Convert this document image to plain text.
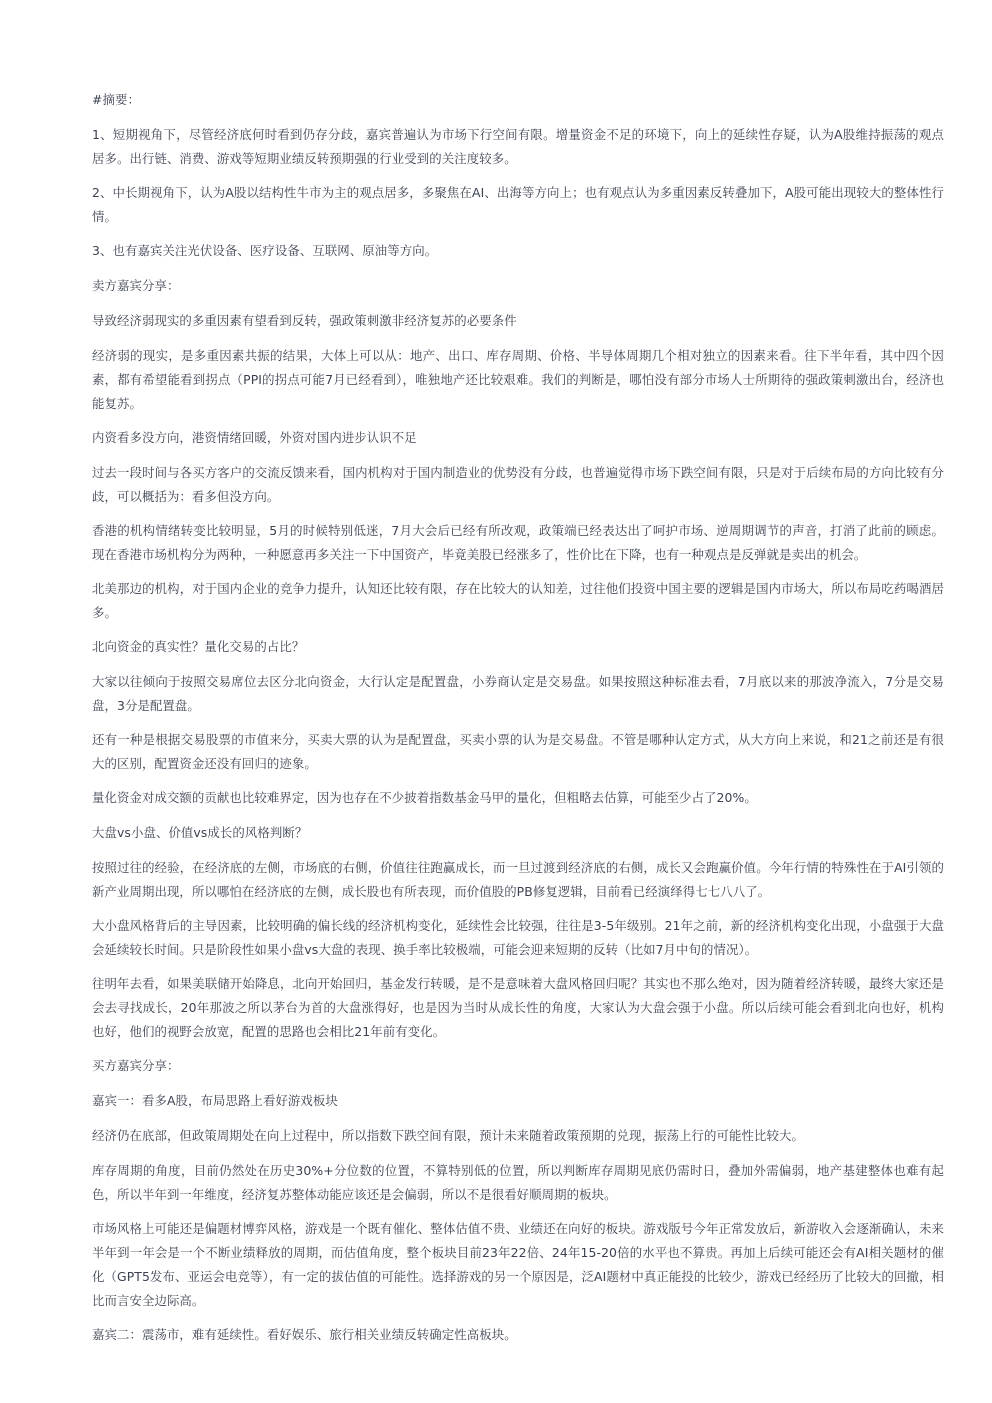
#摘要：

1、短期视角下，尽管经济底何时看到仍存分歧，嘉宾普遍认为市场下行空间有限。增量资金不足的环境下，向上的延续性存疑，认为A股维持振荡的观点居多。出行链、消费、游戏等短期业绩反转预期强的行业受到的关注度较多。

2、中长期视角下，认为A股以结构性牛市为主的观点居多，多聚焦在AI、出海等方向上；也有观点认为多重因素反转叠加下，A股可能出现较大的整体性行情。

3、也有嘉宾关注光伏设备、医疗设备、互联网、原油等方向。

卖方嘉宾分享：

导致经济弱现实的多重因素有望看到反转，强政策刺激非经济复苏的必要条件

经济弱的现实，是多重因素共振的结果，大体上可以从：地产、出口、库存周期、价格、半导体周期几个相对独立的因素来看。往下半年看，其中四个因素，都有希望能看到拐点（PPI的拐点可能7月已经看到），唯独地产还比较艰难。我们的判断是，哪怕没有部分市场人士所期待的强政策刺激出台，经济也能复苏。

内资看多没方向，港资情绪回暖，外资对国内进步认识不足

过去一段时间与各买方客户的交流反馈来看，国内机构对于国内制造业的优势没有分歧，也普遍觉得市场下跌空间有限，只是对于后续布局的方向比较有分歧，可以概括为：看多但没方向。

香港的机构情绪转变比较明显，5月的时候特别低迷，7月大会后已经有所改观，政策端已经表达出了呵护市场、逆周期调节的声音，打消了此前的顾虑。现在香港市场机构分为两种，一种愿意再多关注一下中国资产，毕竟美股已经涨多了，性价比在下降，也有一种观点是反弹就是卖出的机会。

北美那边的机构，对于国内企业的竞争力提升，认知还比较有限，存在比较大的认知差，过往他们投资中国主要的逻辑是国内市场大，所以布局吃药喝酒居多。

北向资金的真实性？量化交易的占比？

大家以往倾向于按照交易席位去区分北向资金，大行认定是配置盘，小券商认定是交易盘。如果按照这种标准去看，7月底以来的那波净流入，7分是交易盘，3分是配置盘。

还有一种是根据交易股票的市值来分，买卖大票的认为是配置盘，买卖小票的认为是交易盘。不管是哪种认定方式，从大方向上来说，和21之前还是有很大的区别，配置资金还没有回归的迹象。

量化资金对成交额的贡献也比较难界定，因为也存在不少披着指数基金马甲的量化，但粗略去估算，可能至少占了20%。

大盘vs小盘、价值vs成长的风格判断？

按照过往的经验，在经济底的左侧，市场底的右侧，价值往往跑赢成长，而一旦过渡到经济底的右侧，成长又会跑赢价值。今年行情的特殊性在于AI引领的新产业周期出现，所以哪怕在经济底的左侧，成长股也有所表现，而价值股的PB修复逻辑，目前看已经演绎得七七八八了。

大小盘风格背后的主导因素，比较明确的偏长线的经济机构变化，延续性会比较强，往往是3-5年级别。21年之前，新的经济机构变化出现，小盘强于大盘会延续较长时间。只是阶段性如果小盘vs大盘的表现、换手率比较极端，可能会迎来短期的反转（比如7月中旬的情况）。

往明年去看，如果美联储开始降息，北向开始回归，基金发行转暖，是不是意味着大盘风格回归呢？其实也不那么绝对，因为随着经济转暖，最终大家还是会去寻找成长，20年那波之所以茅台为首的大盘涨得好，也是因为当时从成长性的角度，大家认为大盘会强于小盘。所以后续可能会看到北向也好，机构也好，他们的视野会放宽，配置的思路也会相比21年前有变化。

买方嘉宾分享：

嘉宾一：看多A股，布局思路上看好游戏板块

经济仍在底部，但政策周期处在向上过程中，所以指数下跌空间有限，预计未来随着政策预期的兑现，振荡上行的可能性比较大。

库存周期的角度，目前仍然处在历史30%+分位数的位置，不算特别低的位置，所以判断库存周期见底仍需时日，叠加外需偏弱，地产基建整体也难有起色，所以半年到一年维度，经济复苏整体动能应该还是会偏弱，所以不是很看好顺周期的板块。

市场风格上可能还是偏题材博弈风格，游戏是一个既有催化、整体估值不贵、业绩还在向好的板块。游戏版号今年正常发放后，新游收入会逐渐确认，未来半年到一年会是一个不断业绩释放的周期，而估值角度，整个板块目前23年22倍、24年15-20倍的水平也不算贵。再加上后续可能还会有AI相关题材的催化（GPT5发布、亚运会电竞等），有一定的拔估值的可能性。选择游戏的另一个原因是，泛AI题材中真正能投的比较少，游戏已经经历了比较大的回撤，相比而言安全边际高。

嘉宾二：震荡市，难有延续性。看好娱乐、旅行相关业绩反转确定性高板块。
